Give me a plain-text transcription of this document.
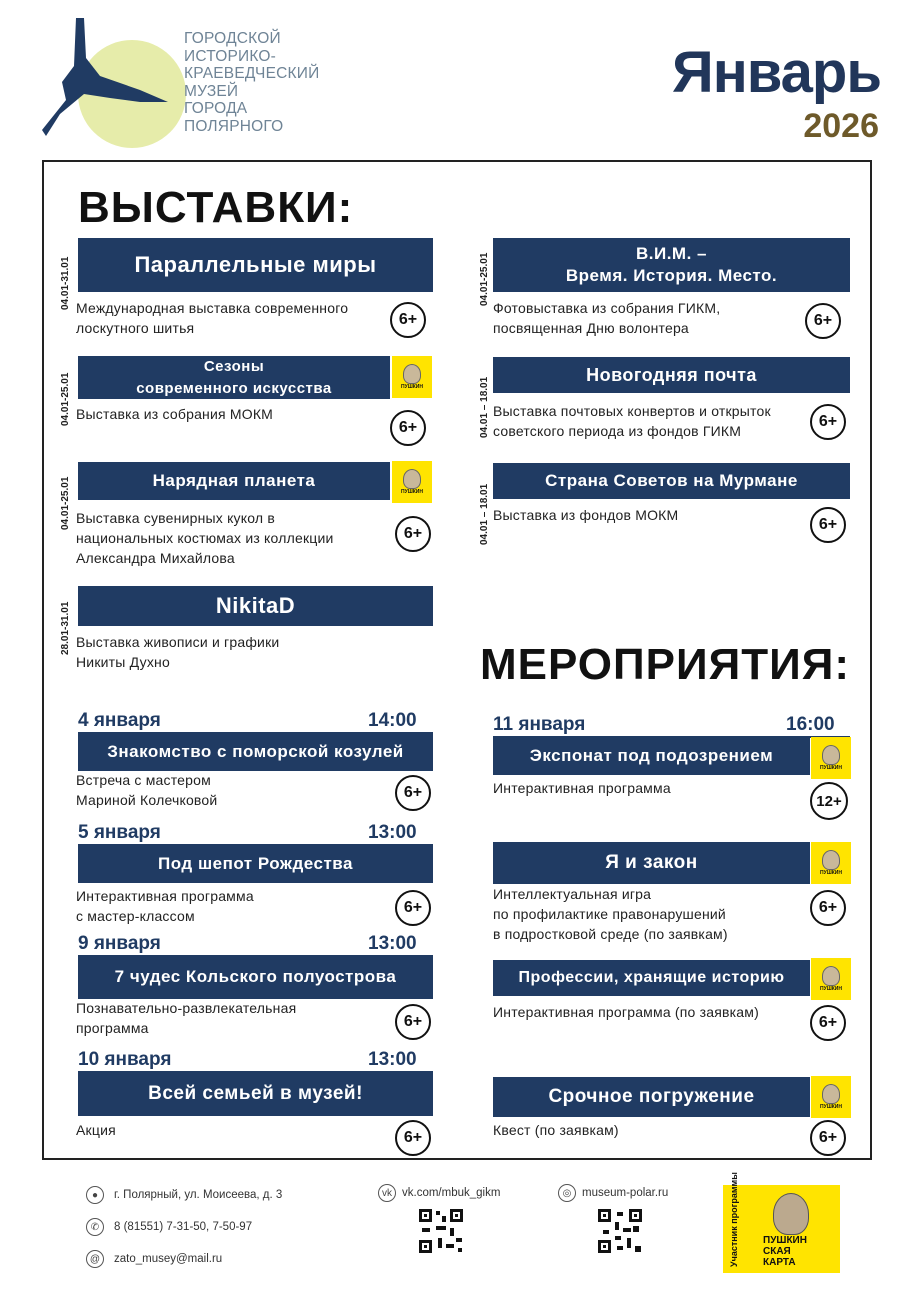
ГОРОДСКОЙ
ИСТОРИКО-
КРАЕВЕДЧЕСКИЙ
МУЗЕЙ
ГОРОДА
ПОЛЯРНОГО
Январь
2026
ВЫСТАВКИ:
04.01-31.01	Параллельные миры
Международная выставка современного
лоскутного шитья	6+
04.01-25.01
Сезоны
современного искусства	ПУШКИН
Выставка из собрания МОКМ
6+
04.01-25.01	Нарядная планета
ПУШКИН
Выставка сувенирных кукол в
национальных костюмах из коллекции
Александра Михайлова
6+
28.01-31.01	NikitaD
Выставка живописи и графики
Никиты Духно
04.01-25.01	В.И.М. –
Время. История. Место.
Фотовыставка из собрания ГИКМ,
посвященная Дню волонтера	6+
04.01 – 18.01
Новогодняя почта
Выставка почтовых конвертов и открыток
советского периода из фондов ГИКМ
6+
04.01 – 18.01
Страна Советов на Мурмане
Выставка из фондов МОКМ
6+
МЕРОПРИЯТИЯ:
4 января	14:00
Знакомство с поморской козулей
Встреча с мастером
Мариной Колечковой	6+
5 января	13:00
Под шепот Рождества
Интерактивная программа
с мастер-классом	6+
9 января	13:00
7 чудес Кольского полуострова
Познавательно-развлекательная
программа	6+
10 января	13:00
Всей семьей в музей!
Акция	6+
11 января	16:00
Экспонат под подозрением
ПУШКИН
Интерактивная программа
12+
Я и закон	ПУШКИН
Интеллектуальная игра
по профилактике правонарушений
в подростковой среде (по заявкам)
6+
Профессии, хранящие историю
ПУШКИН
Интерактивная программа (по заявкам)
6+
Срочное погружение	ПУШКИН
Квест (по заявкам)	6+
●	г. Полярный, ул. Моисеева, д. 3
✆	8 (81551) 7-31-50, 7-50-97
@	zato_musey@mail.ru
vk vk.com/mbuk_gikm	◎ museum-polar.ru	Участник программы ПУШКИН
СКАЯ
КАРТА
